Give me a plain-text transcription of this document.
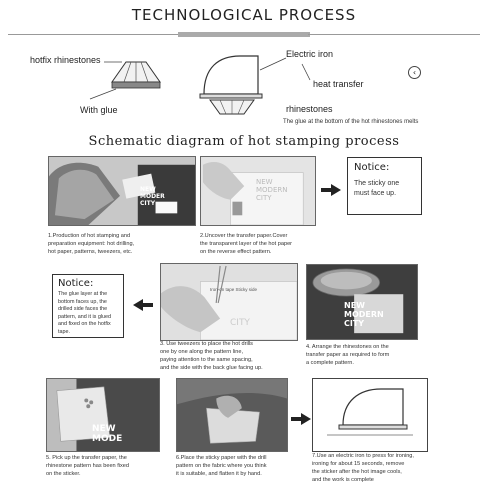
TECHNOLOGICAL PROCESS
hotfix rhinestones
With glue
Electric iron
heat transfer
rhinestones
The glue at the bottom of the hot rhinestones melts
‹
Schematic diagram of hot stamping process
NEW
MODER
CITY
1.Production of hot stamping and
preparation equipment: hot drilling,
hot paper, patterns, tweezers, etc.
NEW
MODERN
CITY
2.Uncover the transfer paper.Cover
the transparent layer of the hot paper
on the reverse effect pattern.
Notice:
The sticky one
must face up.
Notice:
The glue layer at the
bottom faces up, the
drilled side faces the
pattern, and it is glued
and fixed on the hotfix
tape.
Iron-on tape Sticky side
CITY
3. Use tweezers to place the hot drills
one by one along the pattern line,
paying attention to the same spacing,
and the side with the back glue facing up.
NEW
MODERN
CITY
4. Arrange the rhinestones on the
transfer paper as required to form
a complete pattern.
NEW
MODE
5. Pick up the transfer paper, the
rhinestone pattern has been fixed
on the sticker.
6.Place the sticky paper with the drill
pattern on the fabric where you think
it is suitable, and flatten it by hand.
7.Use an electric iron to press for ironing,
ironing for about 15 seconds, remove
the sticker after the hot image cools,
and the work is complete
